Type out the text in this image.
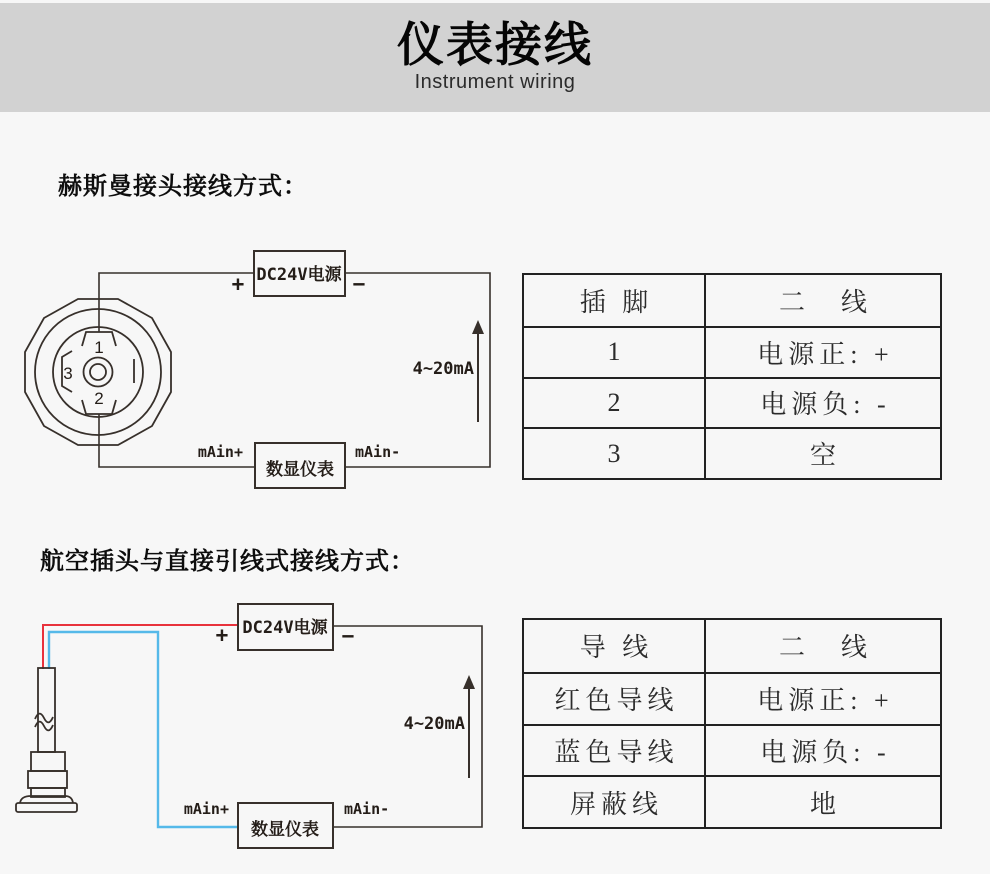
仪表接线
Instrument wiring
赫斯曼接头接线方式：
1
2
3
DC24V电源
+	−
4~20mA
数显仪表
mAin+	mAin-
插 脚	二　线
1	电源正: +
2	电源负: -
3	空
航空插头与直接引线式接线方式：
DC24V电源
+	−
4~20mA
数显仪表
mAin+	mAin-
导 线	二　线
红色导线	电源正: +
蓝色导线	电源负: -
屏蔽线	地
